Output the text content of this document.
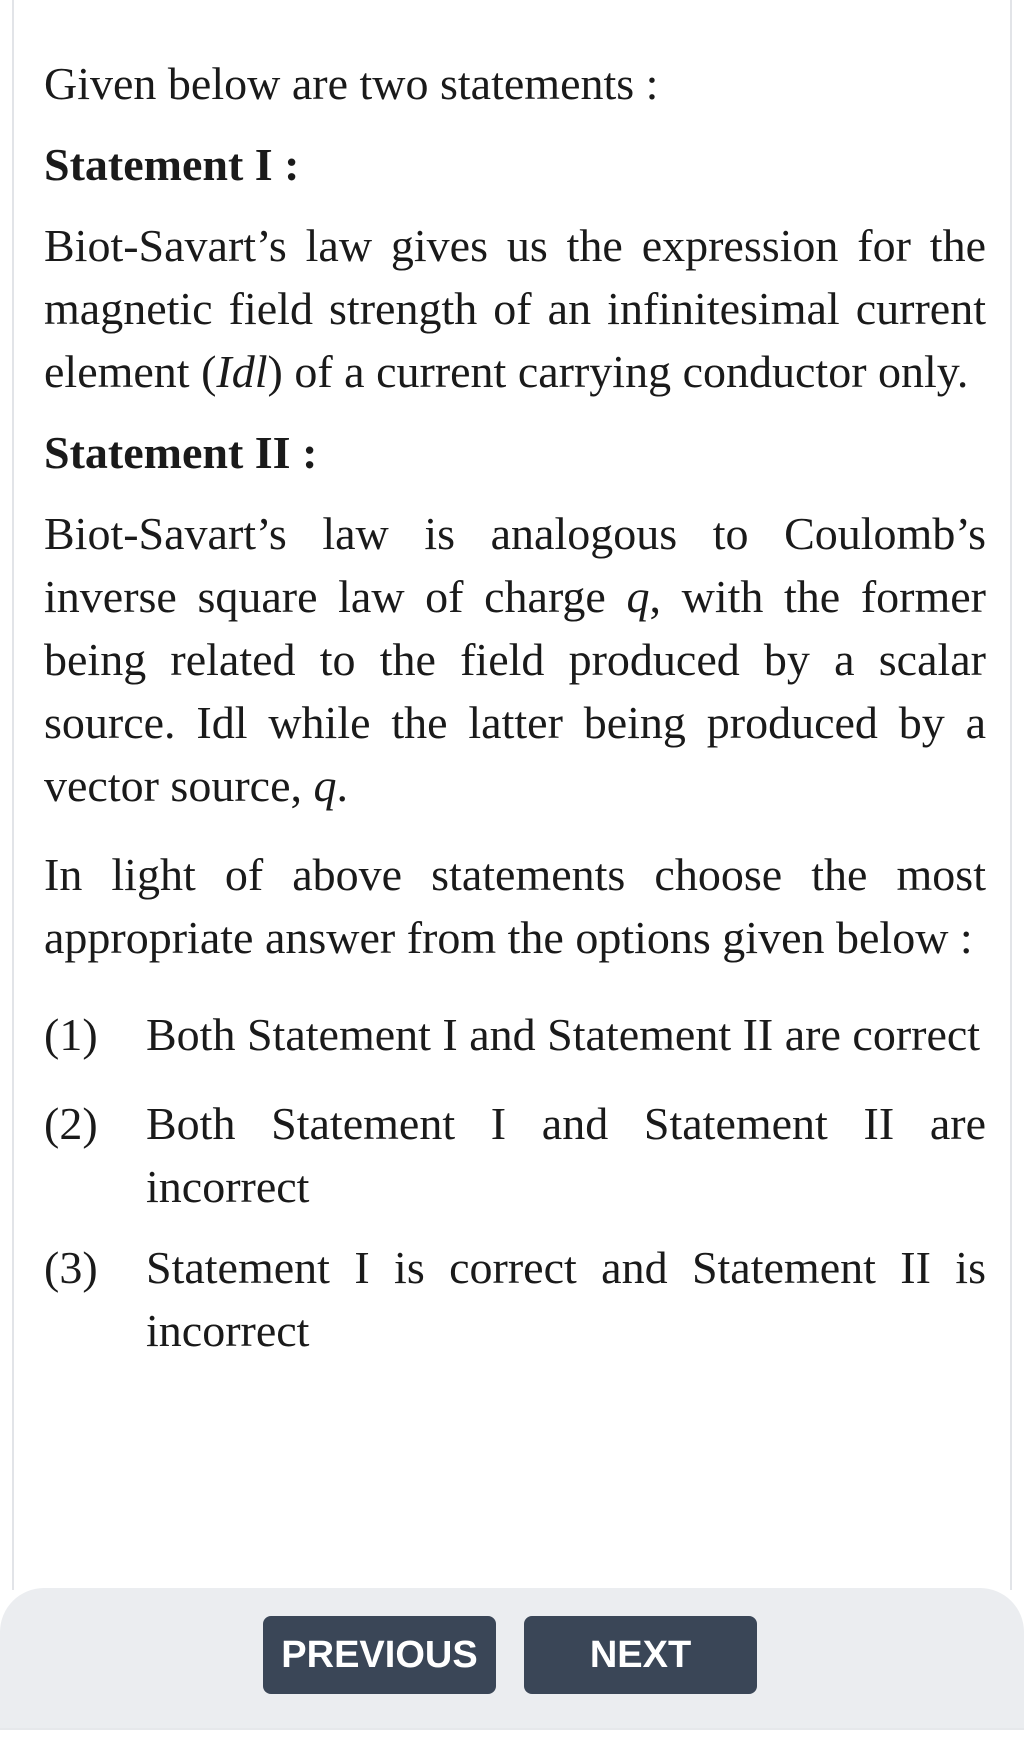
Given below are two statements :

Statement I :

Biot-Savart’s law gives us the expression for the magnetic field strength of an infinitesimal current element (Idl) of a current carrying conductor only.

Statement II :

Biot-Savart’s law is analogous to Coulomb’s inverse square law of charge q, with the former being related to the field produced by a scalar source. Idl while the latter being produced by a vector source, q.

In light of above statements choose the most appropriate answer from the options given below :

(1)	Both Statement I and Statement II are correct
(2)	Both Statement I and Statement II are incorrect
(3)	Statement I is correct and Statement II is incorrect
PREVIOUS	NEXT
